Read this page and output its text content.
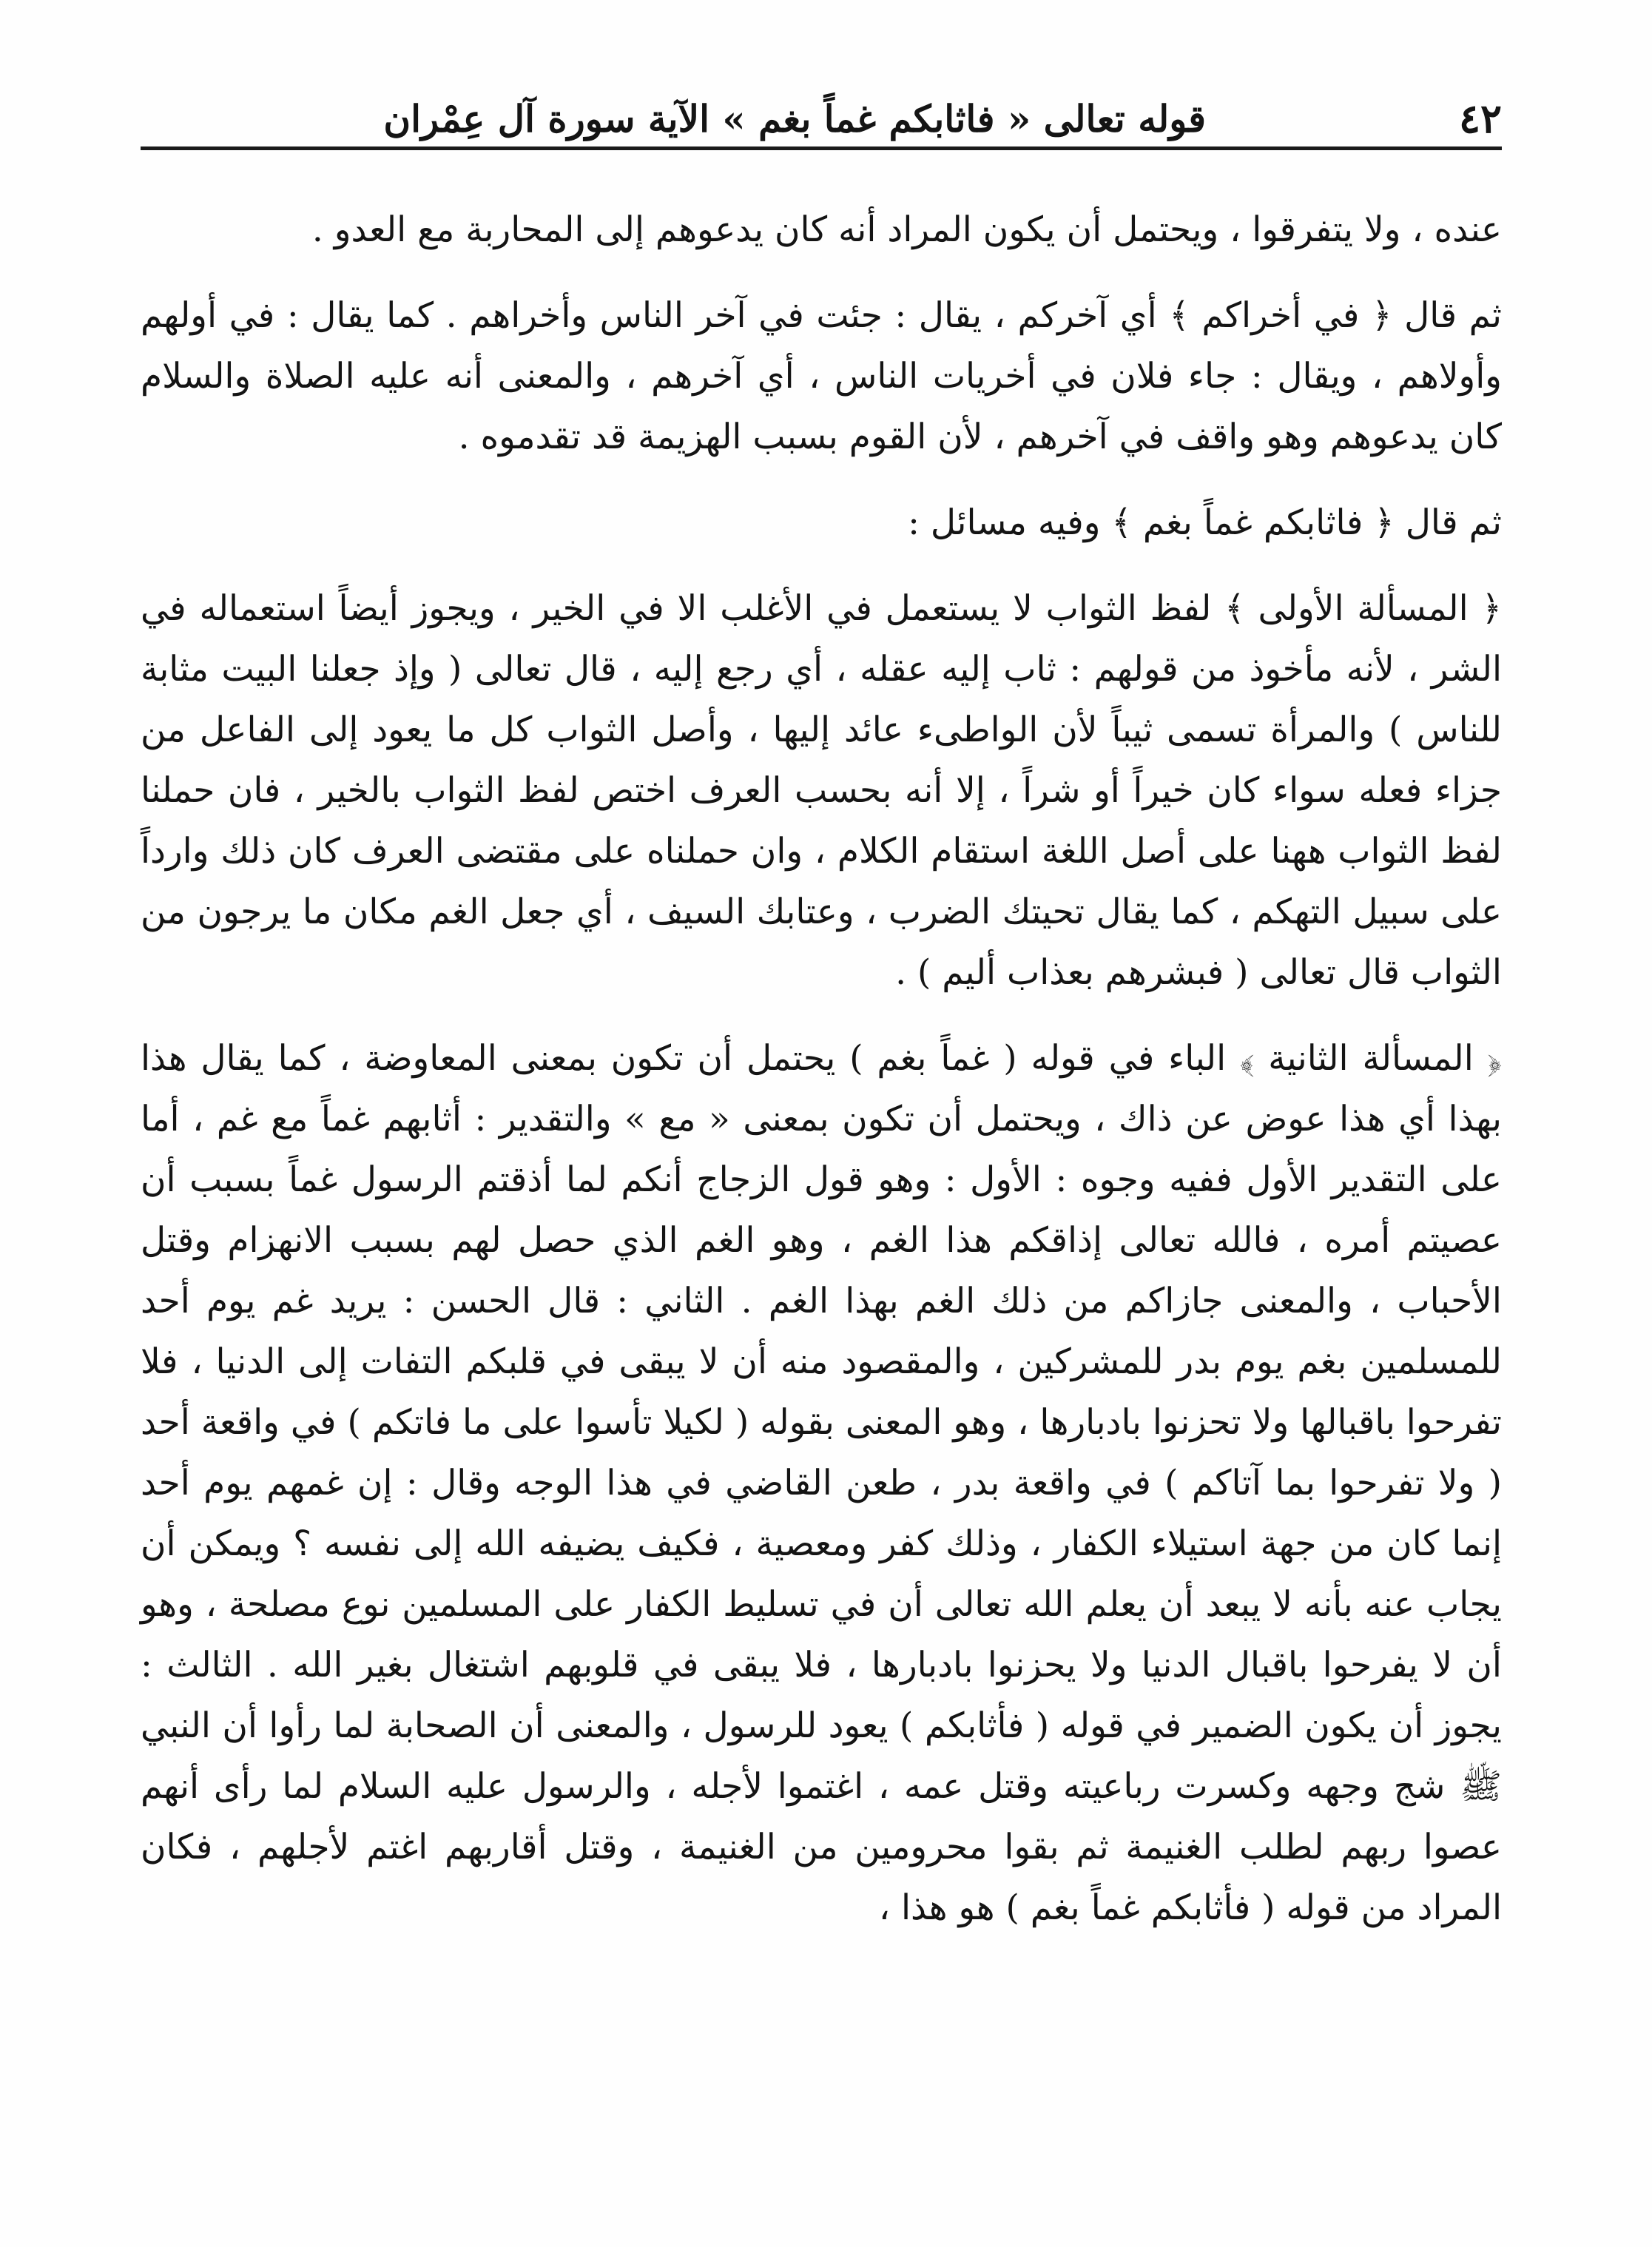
٤٢
قوله تعالى « فاثابكم غماً بغم » الآية سورة آل عِمْران

عنده ، ولا يتفرقوا ، ويحتمل أن يكون المراد أنه كان يدعوهم إلى المحاربة مع العدو .

ثم قال ﴿ في أخراكم ﴾ أي آخركم ، يقال : جئت في آخر الناس وأخراهم . كما يقال : في أولهم وأولاهم ، ويقال : جاء فلان في أخريات الناس ، أي آخرهم ، والمعنى أنه عليه الصلاة والسلام كان يدعوهم وهو واقف في آخرهم ، لأن القوم بسبب الهزيمة قد تقدموه .

ثم قال ﴿ فاثابكم غماً بغم ﴾ وفيه مسائل :

﴿ المسألة الأولى ﴾ لفظ الثواب لا يستعمل في الأغلب الا في الخير ، ويجوز أيضاً استعماله في الشر ، لأنه مأخوذ من قولهم : ثاب إليه عقله ، أي رجع إليه ، قال تعالى ( وإذ جعلنا البيت مثابة للناس ) والمرأة تسمى ثيباً لأن الواطىء عائد إليها ، وأصل الثواب كل ما يعود إلى الفاعل من جزاء فعله سواء كان خيراً أو شراً ، إلا أنه بحسب العرف اختص لفظ الثواب بالخير ، فان حملنا لفظ الثواب ههنا على أصل اللغة استقام الكلام ، وان حملناه على مقتضى العرف كان ذلك وارداً على سبيل التهكم ، كما يقال تحيتك الضرب ، وعتابك السيف ، أي جعل الغم مكان ما يرجون من الثواب قال تعالى ( فبشرهم بعذاب أليم ) .

﴿ المسألة الثانية ﴾ الباء في قوله ( غماً بغم ) يحتمل أن تكون بمعنى المعاوضة ، كما يقال هذا بهذا أي هذا عوض عن ذاك ، ويحتمل أن تكون بمعنى « مع » والتقدير : أثابهم غماً مع غم ، أما على التقدير الأول ففيه وجوه : الأول : وهو قول الزجاج أنكم لما أذقتم الرسول غماً بسبب أن عصيتم أمره ، فالله تعالى إذاقكم هذا الغم ، وهو الغم الذي حصل لهم بسبب الانهزام وقتل الأحباب ، والمعنى جازاكم من ذلك الغم بهذا الغم . الثاني : قال الحسن : يريد غم يوم أحد للمسلمين بغم يوم بدر للمشركين ، والمقصود منه أن لا يبقى في قلبكم التفات إلى الدنيا ، فلا تفرحوا باقبالها ولا تحزنوا بادبارها ، وهو المعنى بقوله ( لكيلا تأسوا على ما فاتكم ) في واقعة أحد ( ولا تفرحوا بما آتاكم ) في واقعة بدر ، طعن القاضي في هذا الوجه وقال : إن غمهم يوم أحد إنما كان من جهة استيلاء الكفار ، وذلك كفر ومعصية ، فكيف يضيفه الله إلى نفسه ؟ ويمكن أن يجاب عنه بأنه لا يبعد أن يعلم الله تعالى أن في تسليط الكفار على المسلمين نوع مصلحة ، وهو أن لا يفرحوا باقبال الدنيا ولا يحزنوا بادبارها ، فلا يبقى في قلوبهم اشتغال بغير الله . الثالث : يجوز أن يكون الضمير في قوله ( فأثابكم ) يعود للرسول ، والمعنى أن الصحابة لما رأوا أن النبي ﷺ شج وجهه وكسرت رباعيته وقتل عمه ، اغتموا لأجله ، والرسول عليه السلام لما رأى أنهم عصوا ربهم لطلب الغنيمة ثم بقوا محرومين من الغنيمة ، وقتل أقاربهم اغتم لأجلهم ، فكان المراد من قوله ( فأثابكم غماً بغم ) هو هذا ،
